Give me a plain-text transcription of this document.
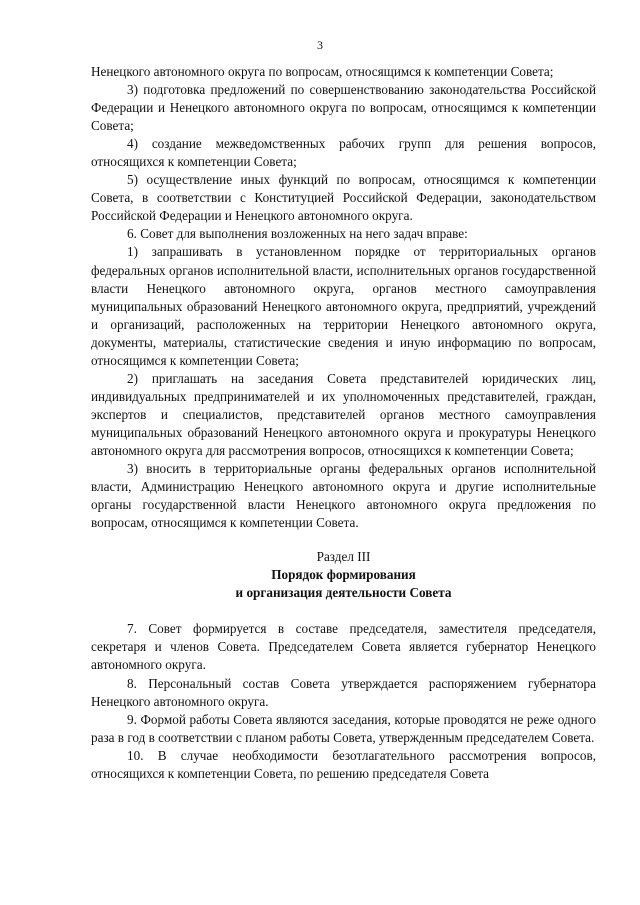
3

Ненецкого автономного округа по вопросам, относящимся к компетенции Совета;

3) подготовка предложений по совершенствованию законодательства Российской Федерации и Ненецкого автономного округа по вопросам, относящимся к компетенции Совета;

4) создание межведомственных рабочих групп для решения вопросов, относящихся к компетенции Совета;

5) осуществление иных функций по вопросам, относящимся к компетенции Совета, в соответствии с Конституцией Российской Федерации, законодательством Российской Федерации и Ненецкого автономного округа.

6. Совет для выполнения возложенных на него задач вправе:

1) запрашивать в установленном порядке от территориальных органов федеральных органов исполнительной власти, исполнительных органов государственной власти Ненецкого автономного округа, органов местного самоуправления муниципальных образований Ненецкого автономного округа, предприятий, учреждений и организаций, расположенных на территории Ненецкого автономного округа, документы, материалы, статистические сведения и иную информацию по вопросам, относящимся к компетенции Совета;

2) приглашать на заседания Совета представителей юридических лиц, индивидуальных предпринимателей и их уполномоченных представителей, граждан, экспертов и специалистов, представителей органов местного самоуправления муниципальных образований Ненецкого автономного округа и прокуратуры Ненецкого автономного округа для рассмотрения вопросов, относящихся к компетенции Совета;

3) вносить в территориальные органы федеральных органов исполнительной власти, Администрацию Ненецкого автономного округа и другие исполнительные органы государственной власти Ненецкого автономного округа предложения по вопросам, относящимся к компетенции Совета.

Раздел III

Порядок формирования

и организация деятельности Совета

7. Совет формируется в составе председателя, заместителя председателя, секретаря и членов Совета. Председателем Совета является губернатор Ненецкого автономного округа.

8. Персональный состав Совета утверждается распоряжением губернатора Ненецкого автономного округа.

9. Формой работы Совета являются заседания, которые проводятся не реже одного раза в год в соответствии с планом работы Совета, утвержденным председателем Совета.

10. В случае необходимости безотлагательного рассмотрения вопросов, относящихся к компетенции Совета, по решению председателя Совета
